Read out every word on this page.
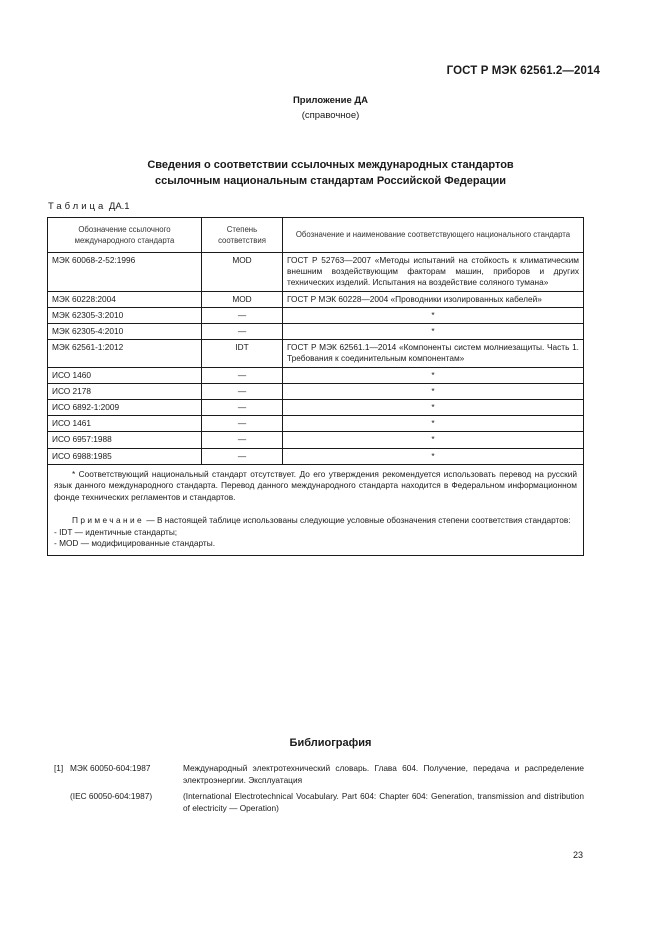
ГОСТ Р МЭК 62561.2—2014
Приложение ДА
(справочное)
Сведения о соответствии ссылочных международных стандартов
ссылочным национальным стандартам Российской Федерации
Таблица ДА.1
Обозначение ссылочного международного стандарта	Степень соответствия	Обозначение и наименование соответствующего национального стандарта
МЭК 60068-2-52:1996	MOD	ГОСТ Р 52763—2007 «Методы испытаний на стойкость к климатическим внешним воздействующим факторам машин, приборов и других технических изделий. Испытания на воздействие соляного тумана»
МЭК 60228:2004	MOD	ГОСТ Р МЭК 60228—2004 «Проводники изолированных кабелей»
МЭК 62305-3:2010	—	*
МЭК 62305-4:2010	—	*
МЭК 62561-1:2012	IDT	ГОСТ Р МЭК 62561.1—2014 «Компоненты систем молниезащиты. Часть 1. Требования к соединительным компонентам»
ИСО 1460	—	*
ИСО 2178	—	*
ИСО 6892-1:2009	—	*
ИСО 1461	—	*
ИСО 6957:1988	—	*
ИСО 6988:1985	—	*

* Соответствующий национальный стандарт отсутствует. До его утверждения рекомендуется использовать перевод на русский язык данного международного стандарта. Перевод данного международного стандарта находится в Федеральном информационном фонде технических регламентов и стандартов.

Примечание — В настоящей таблице использованы следующие условные обозначения степени соответствия стандартов:

- IDT — идентичные стандарты;

- MOD — модифицированные стандарты.		

Библиография
[1] МЭК 60050-604:1987	Международный электротехнический словарь. Глава 604. Получение, передача и распределение электроэнергии. Эксплуатация
(IEC 60050-604:1987)	(International Electrotechnical Vocabulary. Part 604: Chapter 604: Generation, transmission and distribution of electricity — Operation)
23
